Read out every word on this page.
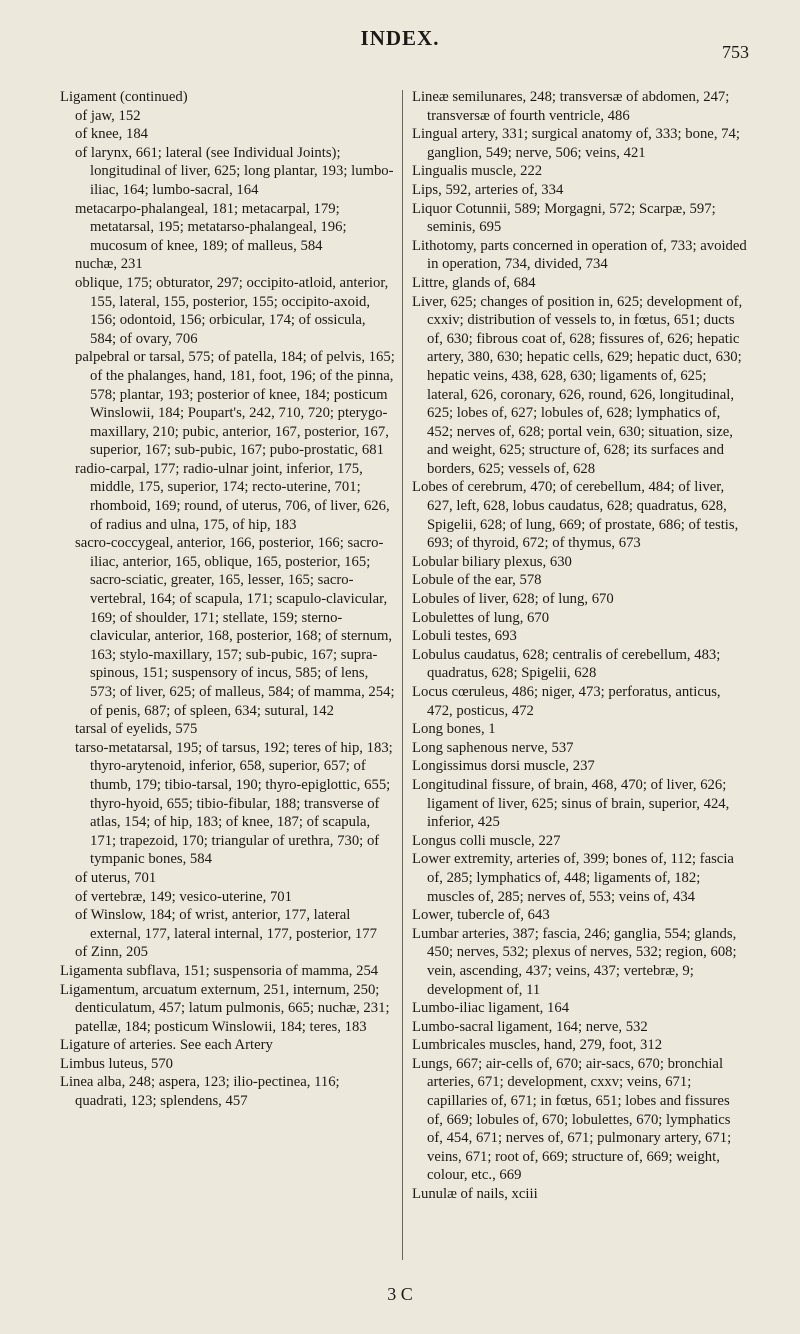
INDEX.
753
Ligament (continued)
of jaw, 152
of knee, 184
of larynx, 661; lateral (see Individual Joints); longitudinal of liver, 625; long plantar, 193; lumbo-iliac, 164; lumbo-sacral, 164
metacarpo-phalangeal, 181; metacarpal, 179; metatarsal, 195; metatarso-phalangeal, 196; mucosum of knee, 189; of malleus, 584
nuchæ, 231
oblique, 175; obturator, 297; occipito-atloid, anterior, 155, lateral, 155, posterior, 155; occipito-axoid, 156; odontoid, 156; orbicular, 174; of ossicula, 584; of ovary, 706
palpebral or tarsal, 575; of patella, 184; of pelvis, 165; of the phalanges, hand, 181, foot, 196; of the pinna, 578; plantar, 193; posterior of knee, 184; posticum Winslowii, 184; Poupart's, 242, 710, 720; pterygo-maxillary, 210; pubic, anterior, 167, posterior, 167, superior, 167; sub-pubic, 167; pubo-prostatic, 681
radio-carpal, 177; radio-ulnar joint, inferior, 175, middle, 175, superior, 174; recto-uterine, 701; rhomboid, 169; round, of uterus, 706, of liver, 626, of radius and ulna, 175, of hip, 183
sacro-coccygeal, anterior, 166, posterior, 166; sacro-iliac, anterior, 165, oblique, 165, posterior, 165; sacro-sciatic, greater, 165, lesser, 165; sacro-vertebral, 164; of scapula, 171; scapulo-clavicular, 169; of shoulder, 171; stellate, 159; sterno-clavicular, anterior, 168, posterior, 168; of sternum, 163; stylo-maxillary, 157; sub-pubic, 167; supra-spinous, 151; suspensory of incus, 585; of lens, 573; of liver, 625; of malleus, 584; of mamma, 254; of penis, 687; of spleen, 634; sutural, 142
tarsal of eyelids, 575
tarso-metatarsal, 195; of tarsus, 192; teres of hip, 183; thyro-arytenoid, inferior, 658, superior, 657; of thumb, 179; tibio-tarsal, 190; thyro-epiglottic, 655; thyro-hyoid, 655; tibio-fibular, 188; transverse of atlas, 154; of hip, 183; of knee, 187; of scapula, 171; trapezoid, 170; triangular of urethra, 730; of tympanic bones, 584
of uterus, 701
of vertebræ, 149; vesico-uterine, 701
of Winslow, 184; of wrist, anterior, 177, lateral external, 177, lateral internal, 177, posterior, 177
of Zinn, 205
Ligamenta subflava, 151; suspensoria of mamma, 254
Ligamentum, arcuatum externum, 251, internum, 250; denticulatum, 457; latum pulmonis, 665; nuchæ, 231; patellæ, 184; posticum Winslowii, 184; teres, 183
Ligature of arteries. See each Artery
Limbus luteus, 570
Linea alba, 248; aspera, 123; ilio-pectinea, 116; quadrati, 123; splendens, 457
Lineæ semilunares, 248; transversæ of abdomen, 247; transversæ of fourth ventricle, 486
Lingual artery, 331; surgical anatomy of, 333; bone, 74; ganglion, 549; nerve, 506; veins, 421
Lingualis muscle, 222
Lips, 592, arteries of, 334
Liquor Cotunnii, 589; Morgagni, 572; Scarpæ, 597; seminis, 695
Lithotomy, parts concerned in operation of, 733; avoided in operation, 734, divided, 734
Littre, glands of, 684
Liver, 625; changes of position in, 625; development of, cxxiv; distribution of vessels to, in fœtus, 651; ducts of, 630; fibrous coat of, 628; fissures of, 626; hepatic artery, 380, 630; hepatic cells, 629; hepatic duct, 630; hepatic veins, 438, 628, 630; ligaments of, 625; lateral, 626, coronary, 626, round, 626, longitudinal, 625; lobes of, 627; lobules of, 628; lymphatics of, 452; nerves of, 628; portal vein, 630; situation, size, and weight, 625; structure of, 628; its surfaces and borders, 625; vessels of, 628
Lobes of cerebrum, 470; of cerebellum, 484; of liver, 627, left, 628, lobus caudatus, 628; quadratus, 628, Spigelii, 628; of lung, 669; of prostate, 686; of testis, 693; of thyroid, 672; of thymus, 673
Lobular biliary plexus, 630
Lobule of the ear, 578
Lobules of liver, 628; of lung, 670
Lobulettes of lung, 670
Lobuli testes, 693
Lobulus caudatus, 628; centralis of cerebellum, 483; quadratus, 628; Spigelii, 628
Locus cœruleus, 486; niger, 473; perforatus, anticus, 472, posticus, 472
Long bones, 1
Long saphenous nerve, 537
Longissimus dorsi muscle, 237
Longitudinal fissure, of brain, 468, 470; of liver, 626; ligament of liver, 625; sinus of brain, superior, 424, inferior, 425
Longus colli muscle, 227
Lower extremity, arteries of, 399; bones of, 112; fascia of, 285; lymphatics of, 448; ligaments of, 182; muscles of, 285; nerves of, 553; veins of, 434
Lower, tubercle of, 643
Lumbar arteries, 387; fascia, 246; ganglia, 554; glands, 450; nerves, 532; plexus of nerves, 532; region, 608; vein, ascending, 437; veins, 437; vertebræ, 9; development of, 11
Lumbo-iliac ligament, 164
Lumbo-sacral ligament, 164; nerve, 532
Lumbricales muscles, hand, 279, foot, 312
Lungs, 667; air-cells of, 670; air-sacs, 670; bronchial arteries, 671; development, cxxv; veins, 671; capillaries of, 671; in fœtus, 651; lobes and fissures of, 669; lobules of, 670; lobulettes, 670; lymphatics of, 454, 671; nerves of, 671; pulmonary artery, 671; veins, 671; root of, 669; structure of, 669; weight, colour, etc., 669
Lunulæ of nails, xciii
3 C
